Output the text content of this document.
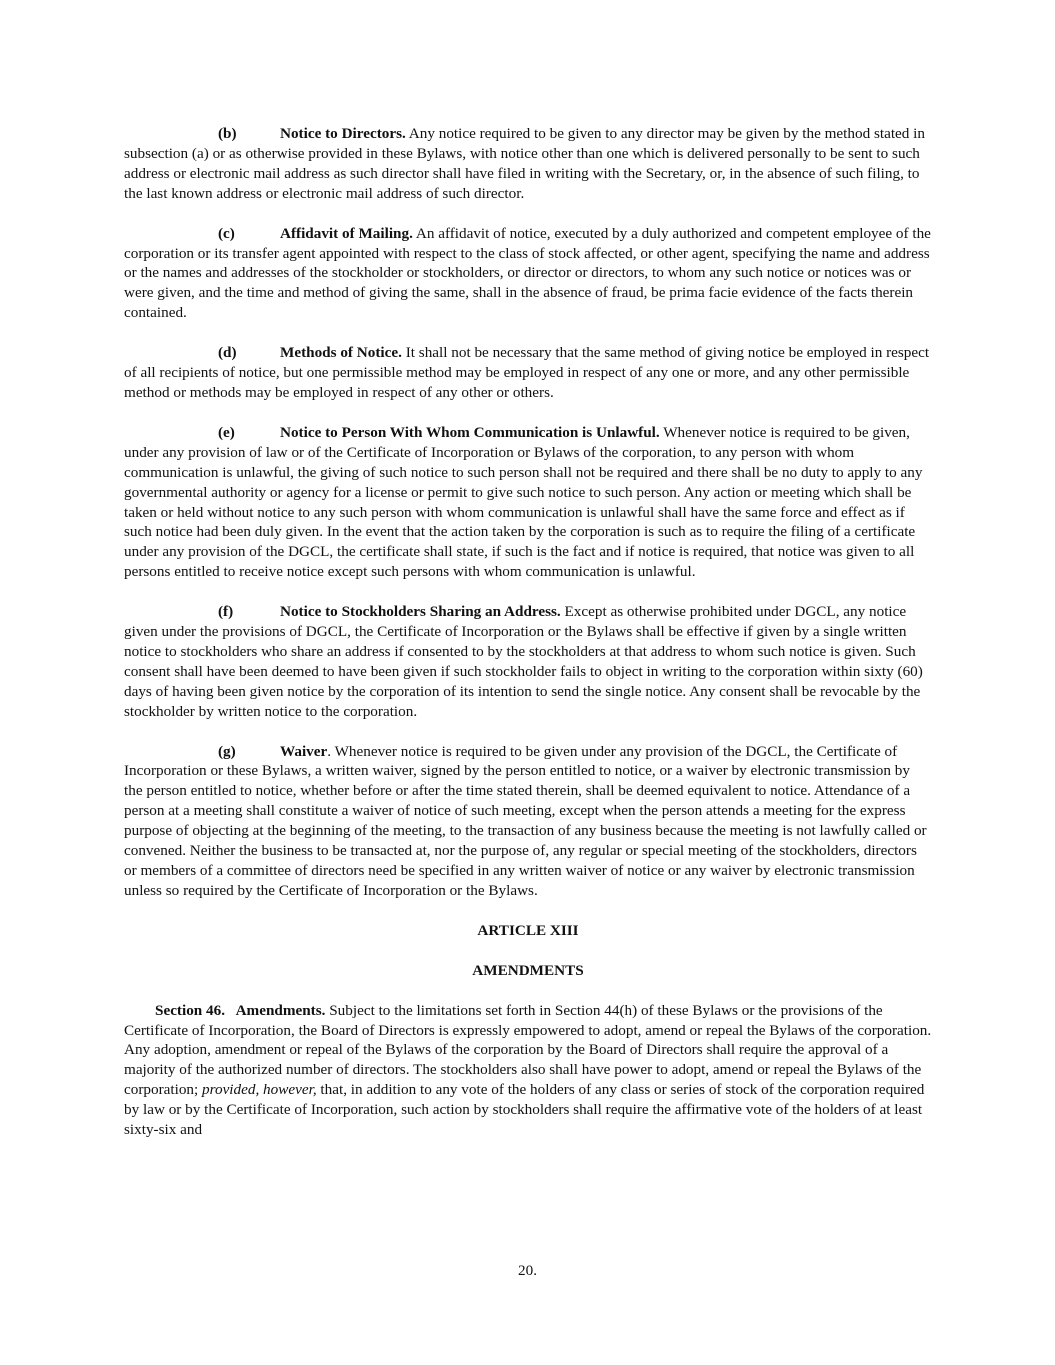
(b)	Notice to Directors. Any notice required to be given to any director may be given by the method stated in subsection (a) or as otherwise provided in these Bylaws, with notice other than one which is delivered personally to be sent to such address or electronic mail address as such director shall have filed in writing with the Secretary, or, in the absence of such filing, to the last known address or electronic mail address of such director.

(c)	Affidavit of Mailing. An affidavit of notice, executed by a duly authorized and competent employee of the corporation or its transfer agent appointed with respect to the class of stock affected, or other agent, specifying the name and address or the names and addresses of the stockholder or stockholders, or director or directors, to whom any such notice or notices was or were given, and the time and method of giving the same, shall in the absence of fraud, be prima facie evidence of the facts therein contained.

(d)	Methods of Notice. It shall not be necessary that the same method of giving notice be employed in respect of all recipients of notice, but one permissible method may be employed in respect of any one or more, and any other permissible method or methods may be employed in respect of any other or others.

(e)	Notice to Person With Whom Communication is Unlawful. Whenever notice is required to be given, under any provision of law or of the Certificate of Incorporation or Bylaws of the corporation, to any person with whom communication is unlawful, the giving of such notice to such person shall not be required and there shall be no duty to apply to any governmental authority or agency for a license or permit to give such notice to such person. Any action or meeting which shall be taken or held without notice to any such person with whom communication is unlawful shall have the same force and effect as if such notice had been duly given. In the event that the action taken by the corporation is such as to require the filing of a certificate under any provision of the DGCL, the certificate shall state, if such is the fact and if notice is required, that notice was given to all persons entitled to receive notice except such persons with whom communication is unlawful.

(f)	Notice to Stockholders Sharing an Address. Except as otherwise prohibited under DGCL, any notice given under the provisions of DGCL, the Certificate of Incorporation or the Bylaws shall be effective if given by a single written notice to stockholders who share an address if consented to by the stockholders at that address to whom such notice is given. Such consent shall have been deemed to have been given if such stockholder fails to object in writing to the corporation within sixty (60) days of having been given notice by the corporation of its intention to send the single notice. Any consent shall be revocable by the stockholder by written notice to the corporation.

(g)	Waiver. Whenever notice is required to be given under any provision of the DGCL, the Certificate of Incorporation or these Bylaws, a written waiver, signed by the person entitled to notice, or a waiver by electronic transmission by the person entitled to notice, whether before or after the time stated therein, shall be deemed equivalent to notice. Attendance of a person at a meeting shall constitute a waiver of notice of such meeting, except when the person attends a meeting for the express purpose of objecting at the beginning of the meeting, to the transaction of any business because the meeting is not lawfully called or convened. Neither the business to be transacted at, nor the purpose of, any regular or special meeting of the stockholders, directors or members of a committee of directors need be specified in any written waiver of notice or any waiver by electronic transmission unless so required by the Certificate of Incorporation or the Bylaws.

ARTICLE XIII

AMENDMENTS

Section 46.   Amendments. Subject to the limitations set forth in Section 44(h) of these Bylaws or the provisions of the Certificate of Incorporation, the Board of Directors is expressly empowered to adopt, amend or repeal the Bylaws of the corporation. Any adoption, amendment or repeal of the Bylaws of the corporation by the Board of Directors shall require the approval of a majority of the authorized number of directors. The stockholders also shall have power to adopt, amend or repeal the Bylaws of the corporation; provided, however, that, in addition to any vote of the holders of any class or series of stock of the corporation required by law or by the Certificate of Incorporation, such action by stockholders shall require the affirmative vote of the holders of at least sixty-six and

20.
